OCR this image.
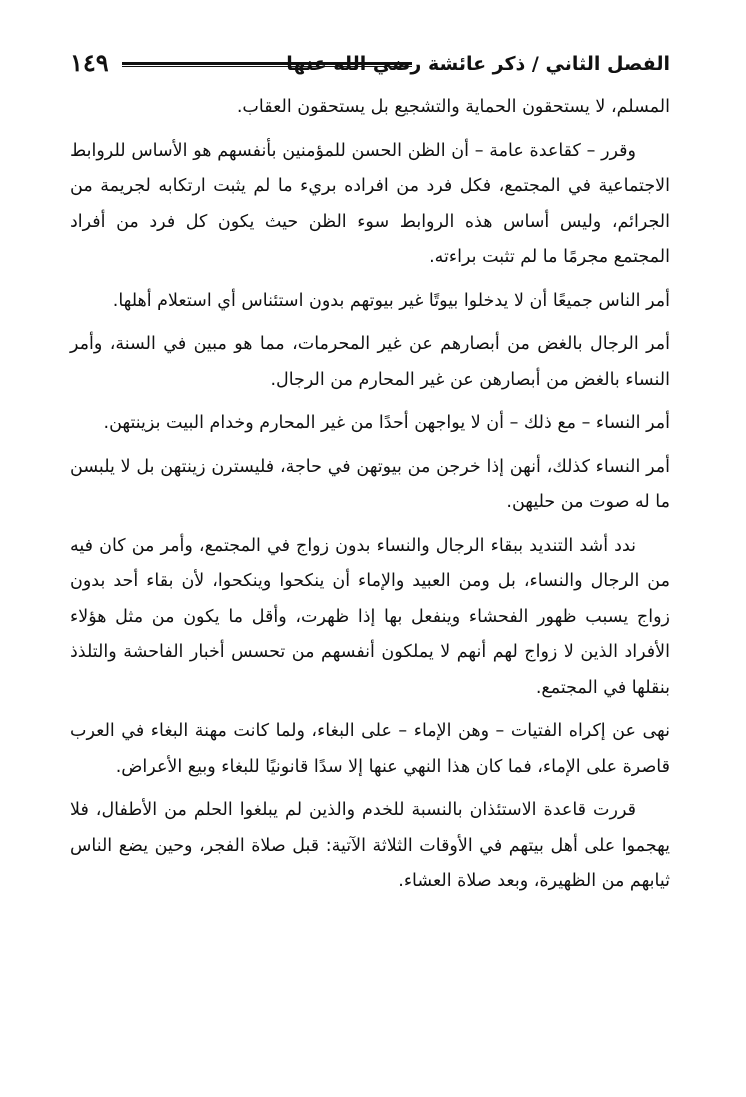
١٤٩	الفصل الثاني / ذكر عائشة رضي الله عنها

المسلم، لا يستحقون الحماية والتشجيع بل يستحقون العقاب.

وقرر – كقاعدة عامة – أن الظن الحسن للمؤمنين بأنفسهم هو الأساس للروابط الاجتماعية في المجتمع، فكل فرد من افراده بريء ما لم يثبت ارتكابه لجريمة من الجرائم، وليس أساس هذه الروابط سوء الظن حيث يكون كل فرد من أفراد المجتمع مجرمًا ما لم تثبت براءته.

أمر الناس جميعًا أن لا يدخلوا بيوتًا غير بيوتهم بدون استئناس أي استعلام أهلها.

أمر الرجال بالغض من أبصارهم عن غير المحرمات، مما هو مبين في السنة، وأمر النساء بالغض من أبصارهن عن غير المحارم من الرجال.

أمر النساء – مع ذلك – أن لا يواجهن أحدًا من غير المحارم وخدام البيت بزينتهن.

أمر النساء كذلك، أنهن إذا خرجن من بيوتهن في حاجة، فليسترن زينتهن بل لا يلبسن ما له صوت من حليهن.

ندد أشد التنديد ببقاء الرجال والنساء بدون زواج في المجتمع، وأمر من كان فيه من الرجال والنساء، بل ومن العبيد والإماء أن ينكحوا وينكحوا، لأن بقاء أحد بدون زواج يسبب ظهور الفحشاء وينفعل بها إذا ظهرت، وأقل ما يكون من مثل هؤلاء الأفراد الذين لا زواج لهم أنهم لا يملكون أنفسهم من تحسس أخبار الفاحشة والتلذذ بنقلها في المجتمع.

نهى عن إكراه الفتيات – وهن الإماء – على البغاء، ولما كانت مهنة البغاء في العرب قاصرة على الإماء، فما كان هذا النهي عنها إلا سدًا قانونيًا للبغاء وبيع الأعراض.

قررت قاعدة الاستئذان بالنسبة للخدم والذين لم يبلغوا الحلم من الأطفال، فلا يهجموا على أهل بيتهم في الأوقات الثلاثة الآتية: قبل صلاة الفجر، وحين يضع الناس ثيابهم من الظهيرة، وبعد صلاة العشاء.
